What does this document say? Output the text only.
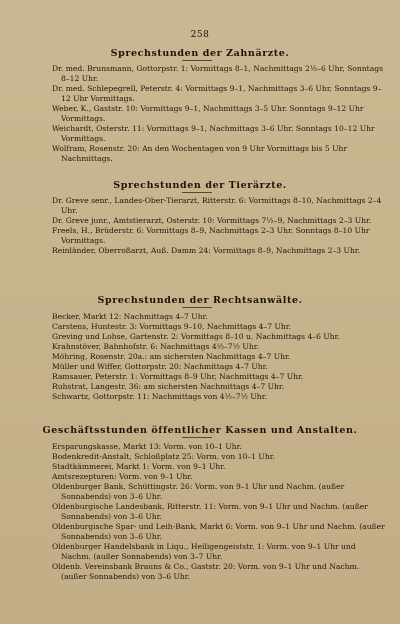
258
Sprechstunden der Zahnärzte.
Dr. med. Brunsmann, Gottorpstr. 1: Vormittags 8–1, Nachmittags 2½–6 Uhr, Sonntags 8–12 Uhr.
Dr. med. Schlepegrell, Peterstr. 4: Vormittags 9–1, Nachmittags 3–6 Uhr, Sonntags 9–12 Uhr Vormittags.
Weber, K., Gaststr. 10: Vormittags 9–1, Nachmittags 3–5 Uhr. Sonntags 9–12 Uhr Vormittags.
Weichardt, Osterstr. 11: Vormittags 9–1, Nachmittags 3–6 Uhr. Sonntags 10–12 Uhr Vormittags.
Wolfram, Rosenstr. 20: An den Wochentagen von 9 Uhr Vormittags bis 5 Uhr Nachmittags.
Sprechstunden der Tierärzte.
Dr. Greve senr., Landes-Ober-Tierarzt, Ritterstr. 6: Vormittags 8–10, Nachmittags 2–4 Uhr.
Dr. Greve junr., Amtstierarzt, Osterstr. 10: Vormittags 7½–9, Nachmittags 2–3 Uhr.
Freels, H., Brüderstr. 6: Vormittags 8–9, Nachmittags 2–3 Uhr. Sonntags 8–10 Uhr Vormittags.
Reinländer, Oberroßarzt, Auß. Damm 24: Vormittags 8–9, Nachmittags 2–3 Uhr.
Sprechstunden der Rechtsanwälte.
Becker, Markt 12: Nachmittags 4–7 Uhr.
Carstens, Huntestr. 3: Vormittags 9–10, Nachmittags 4–7 Uhr.
Greving und Lohse, Gartenstr. 2: Vormittags 8–10 u. Nachmittags 4–6 Uhr.
Krahnstöver, Bahnhofstr. 6: Nachmittags 4½–7½ Uhr.
Möhring, Rosenstr. 20a.: am sichersten Nachmittags 4–7 Uhr.
Müller und Wiffer, Gottorpstr. 20: Nachmittags 4–7 Uhr.
Ramsauer, Peterstr. 1: Vormittags 8–9 Uhr, Nachmittags 4–7 Uhr.
Ruhstrat, Langestr. 36: am sichersten Nachmittags 4–7 Uhr.
Schwartz, Gottorpstr. 11: Nachmittags von 4½–7½ Uhr.
Geschäftsstunden öffentlicher Kassen und Anstalten.
Ersparungskasse, Markt 13: Vorm. von 10–1 Uhr.
Bodenkredit-Anstalt, Schloßplatz 25: Vorm. von 10–1 Uhr.
Stadtkämmerei, Markt 1: Vorm. von 9–1 Uhr.
Amtsrezepturen: Vorm. von 9–1 Uhr.
Oldenburger Bank, Schüttingstr. 26: Vorm. von 9–1 Uhr und Nachm. (außer Sonnabends) von 3–6 Uhr.
Oldenburgische Landesbank, Ritterstr. 11: Vorm. von 9–1 Uhr und Nachm. (außer Sonnabends) von 3–6 Uhr.
Oldenburgische Spar- und Leih-Bank, Markt 6: Vorm. von 9–1 Uhr und Nachm. (außer Sonnabends) von 3–6 Uhr.
Oldenburger Handelsbank in Liqu., Heiligengeiststr. 1: Vorm. von 9–1 Uhr und Nachm. (außer Sonnabends) von 3–7 Uhr.
Oldenb. Vereinsbank Brauns & Co., Gaststr. 20: Vorm. von 9–1 Uhr und Nachm. (außer Sonnabends) von 3–6 Uhr.
